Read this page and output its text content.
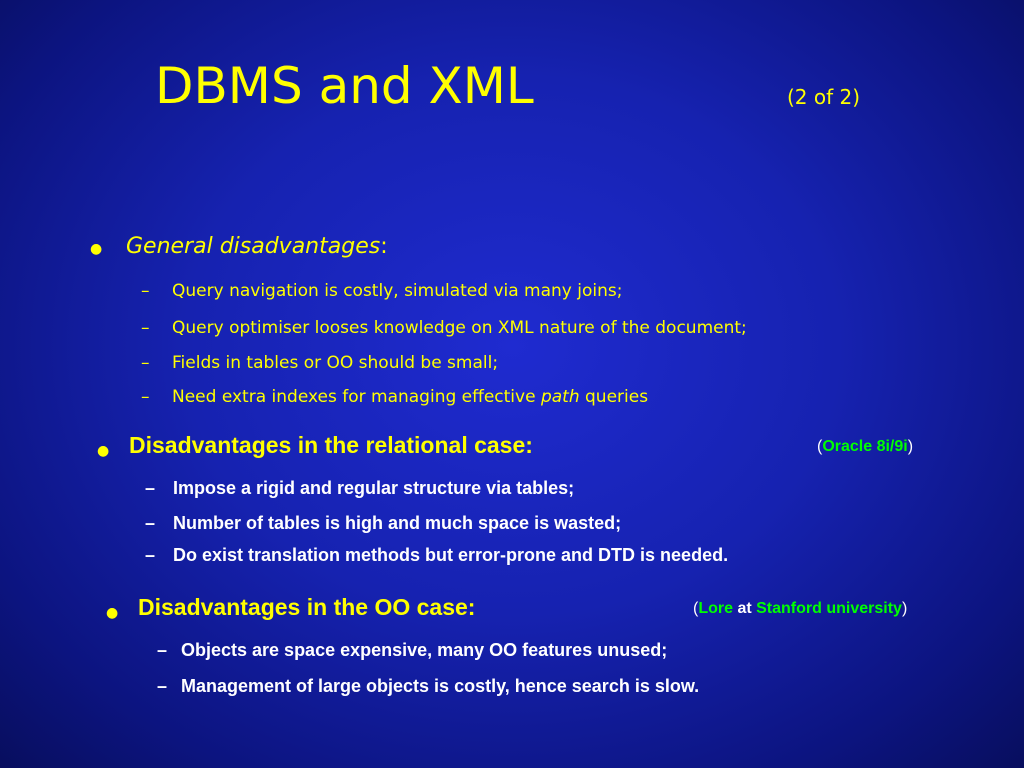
DBMS and XML	(2 of 2)
● General disadvantages:
– Query navigation is costly, simulated via many joins;
– Query optimiser looses knowledge on XML nature of the document;
– Fields in tables or OO should be small;
– Need extra indexes for managing effective path queries
● Disadvantages in the relational case:	(Oracle 8i/9i)
– Impose a rigid and regular structure via tables;
– Number of tables is high and much space is wasted;
– Do exist translation methods but error-prone and DTD is needed.
● Disadvantages in the OO case:	(Lore at Stanford university)
– Objects are space expensive, many OO features unused;
– Management of large objects is costly, hence search is slow.
